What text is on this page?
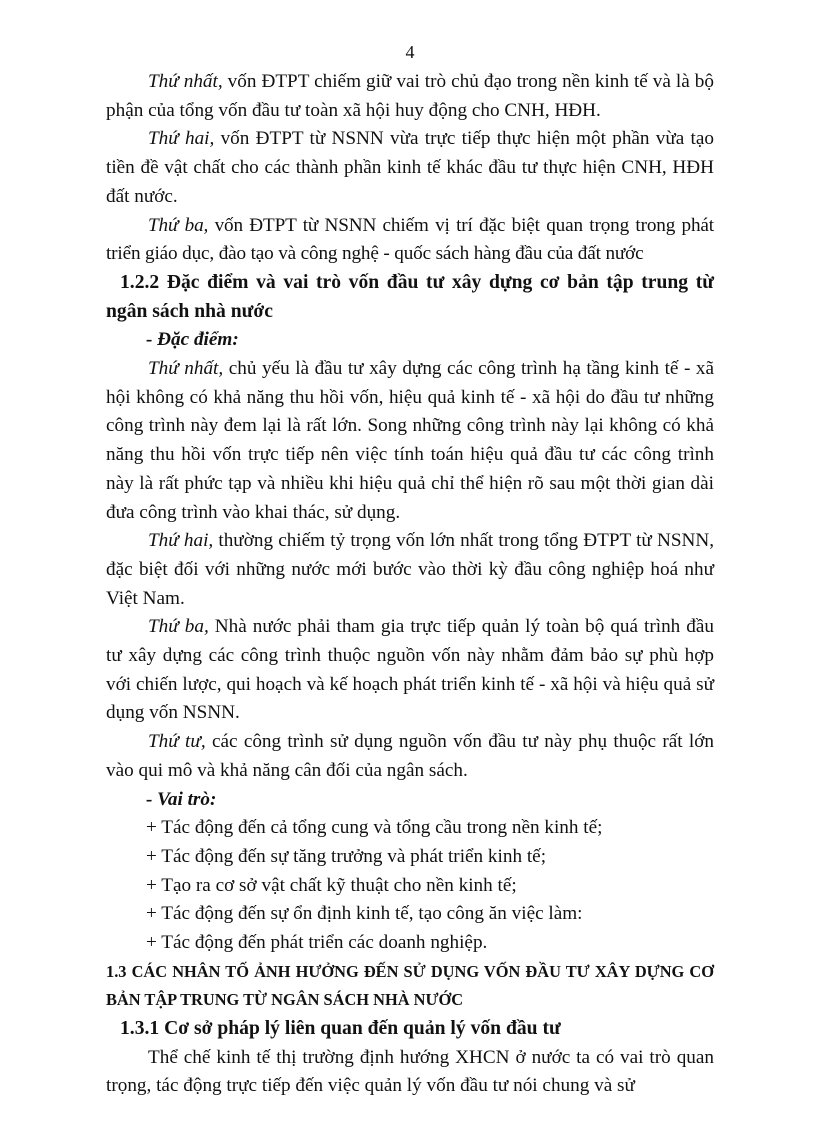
4

Thứ nhất, vốn ĐTPT chiếm giữ vai trò chủ đạo trong nền kinh tế và là bộ phận của tổng vốn đầu tư toàn xã hội huy động cho CNH, HĐH.

Thứ hai, vốn ĐTPT từ NSNN vừa trực tiếp thực hiện một phần vừa tạo tiền đề vật chất cho các thành phần kinh tế khác đầu tư thực hiện CNH, HĐH đất nước.

Thứ ba, vốn ĐTPT từ NSNN chiếm vị trí đặc biệt quan trọng trong phát triển giáo dục, đào tạo và công nghệ - quốc sách hàng đầu của đất nước

1.2.2 Đặc điểm và vai trò vốn đầu tư xây dựng cơ bản tập trung từ ngân sách nhà nước

- Đặc điểm:

Thứ nhất, chủ yếu là đầu tư xây dựng các công trình hạ tầng kinh tế - xã hội không có khả năng thu hồi vốn, hiệu quả kinh tế - xã hội do đầu tư những công trình này đem lại là rất lớn. Song những công trình này lại không có khả năng thu hồi vốn trực tiếp nên việc tính toán hiệu quả đầu tư các công trình này là rất phức tạp và nhiều khi hiệu quả chỉ thể hiện rõ sau một thời gian dài đưa công trình vào khai thác, sử dụng.

Thứ hai, thường chiếm tỷ trọng vốn lớn nhất trong tổng ĐTPT từ NSNN, đặc biệt đối với những nước mới bước vào thời kỳ đầu công nghiệp hoá như Việt Nam.

Thứ ba, Nhà nước phải tham gia trực tiếp quản lý toàn bộ quá trình đầu tư xây dựng các công trình thuộc nguồn vốn này nhằm đảm bảo sự phù hợp với chiến lược, qui hoạch và kế hoạch phát triển kinh tế - xã hội và hiệu quả sử dụng vốn NSNN.

Thứ tư, các công trình sử dụng nguồn vốn đầu tư này phụ thuộc rất lớn vào qui mô và khả năng cân đối của ngân sách.

- Vai trò:

+ Tác động đến cả tổng cung và tổng cầu trong nền kinh tế;

+ Tác động đến sự tăng trưởng và phát triển kinh tế;

+ Tạo ra cơ sở vật chất kỹ thuật cho nền kinh tế;

+ Tác động đến sự ổn định kinh tế, tạo công ăn việc làm:

+ Tác động đến phát triển các doanh nghiệp.

1.3 CÁC NHÂN TỐ ẢNH HƯỞNG ĐẾN SỬ DỤNG VỐN ĐẦU TƯ XÂY DỰNG CƠ BẢN TẬP TRUNG TỪ NGÂN SÁCH NHÀ NƯỚC

1.3.1 Cơ sở pháp lý liên quan đến quản lý vốn đầu tư

Thể chế kinh tế thị trường định hướng XHCN ở nước ta có vai trò quan trọng, tác động trực tiếp đến việc quản lý vốn đầu tư nói chung và sử
